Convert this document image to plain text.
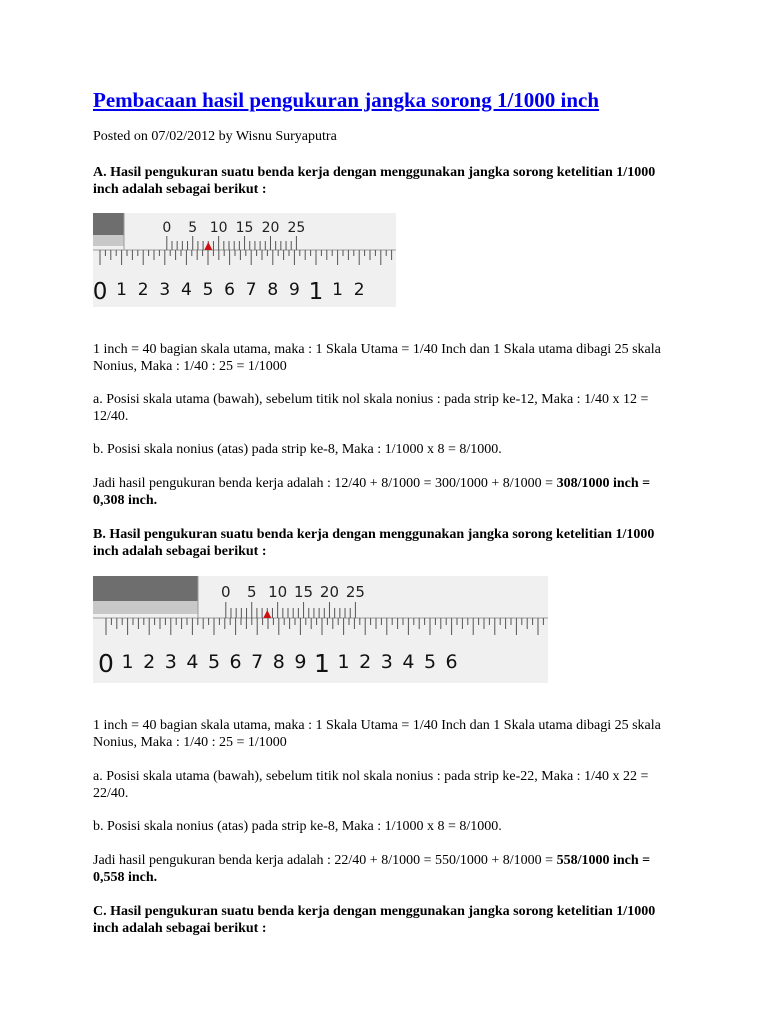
Pembacaan hasil pengukuran jangka sorong 1/1000 inch
Posted on 07/02/2012 by Wisnu Suryaputra

A. Hasil pengukuran suatu benda kerja dengan menggunakan jangka sorong ketelitian 1/1000 inch adalah sebagai berikut :

0 5 10 15 20 25
0 1 2 3 4 5 6 7 8 9 1 1 2

1 inch = 40 bagian skala utama, maka : 1 Skala Utama = 1/40 Inch dan 1 Skala utama dibagi 25 skala Nonius, Maka : 1/40 : 25 = 1/1000

a. Posisi skala utama (bawah), sebelum titik nol skala nonius : pada strip ke-12, Maka : 1/40 x 12 = 12/40.

b. Posisi skala nonius (atas) pada strip ke-8, Maka : 1/1000 x 8 = 8/1000.

Jadi hasil pengukuran benda kerja adalah : 12/40 + 8/1000 = 300/1000 + 8/1000 = 308/1000 inch = 0,308 inch.

B. Hasil pengukuran suatu benda kerja dengan menggunakan jangka sorong ketelitian 1/1000 inch adalah sebagai berikut :

0 5 10 15 20 25
0 1 2 3 4 5 6 7 8 9 1 1 2 3 4 5 6

1 inch = 40 bagian skala utama, maka : 1 Skala Utama = 1/40 Inch dan 1 Skala utama dibagi 25 skala Nonius, Maka : 1/40 : 25 = 1/1000

a. Posisi skala utama (bawah), sebelum titik nol skala nonius : pada strip ke-22, Maka : 1/40 x 22 = 22/40.

b. Posisi skala nonius (atas) pada strip ke-8, Maka : 1/1000 x 8 = 8/1000.

Jadi hasil pengukuran benda kerja adalah : 22/40 + 8/1000 = 550/1000 + 8/1000 = 558/1000 inch = 0,558 inch.

C. Hasil pengukuran suatu benda kerja dengan menggunakan jangka sorong ketelitian 1/1000 inch adalah sebagai berikut :
